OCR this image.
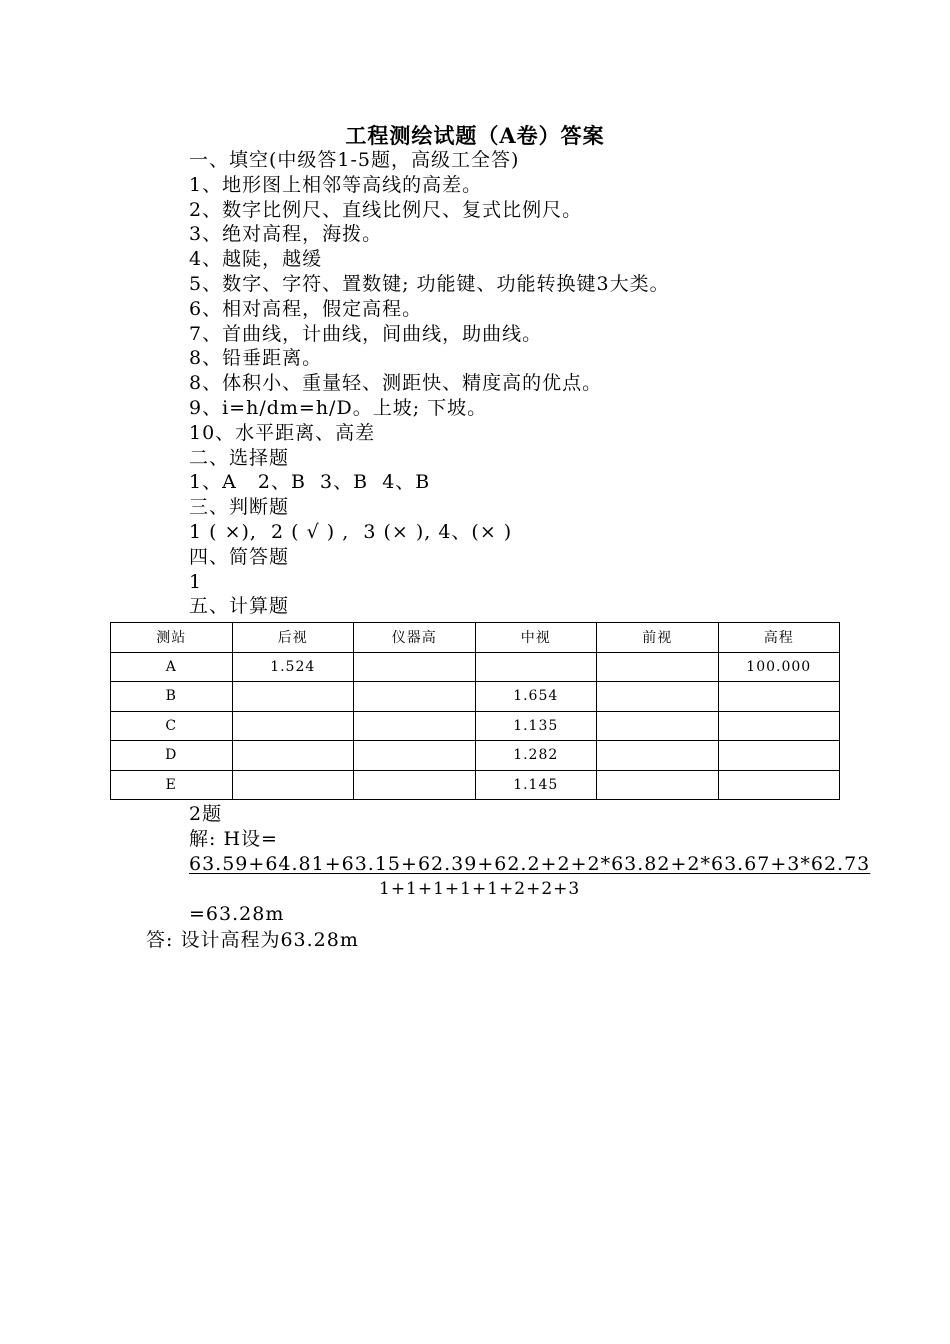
工程测绘试题（A卷）答案
一、填空(中级答1-5题，高级工全答)
1、地形图上相邻等高线的高差。
2、数字比例尺、直线比例尺、复式比例尺。
3、绝对高程，海拨。
4、越陡，越缓
5、数字、字符、置数键; 功能键、功能转换键3大类。
6、相对高程，假定高程。
7、首曲线，计曲线，间曲线，助曲线。
8、铅垂距离。
8、体积小、重量轻、测距快、精度高的优点。
9、i=h/dm=h/D。上坡; 下坡。
10、水平距离、高差
二、选择题
1、A   2、B  3、B  4、B
三、判断题
1 ( ×),  2 ( √ ) ,  3 (× ), 4、(× )
四、简答题
1
五、计算题
测站	后视	仪器高	中视	前视	高程
A	1.524				100.000
B			1.654		
C			1.135		
D			1.282		
E			1.145		
2题
解: H设=
63.59+64.81+63.15+62.39+62.2+2+2*63.82+2*63.67+3*62.73
1+1+1+1+1+2+2+3
=63.28m
答: 设计高程为63.28m
